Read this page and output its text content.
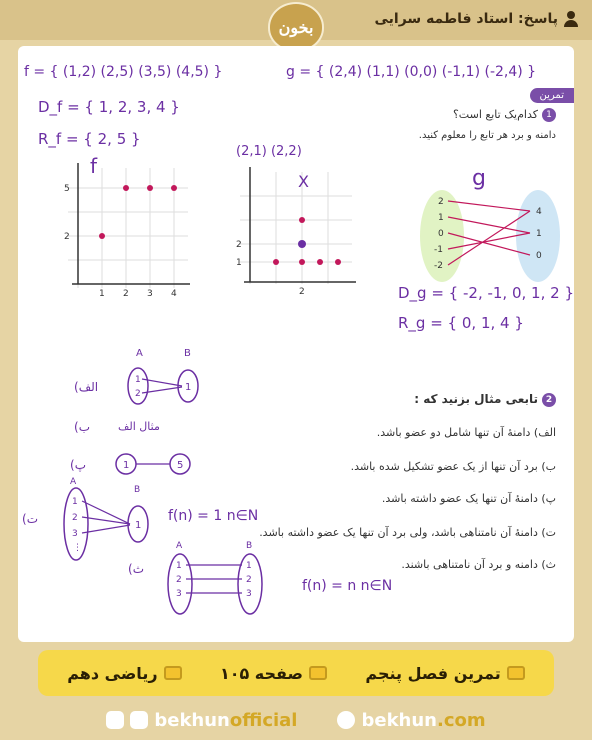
پاسخ: استاد فاطمه سرایی
بخون
تمرین
f = { (1,2) (2,5) (3,5) (4,5) }	g = { (2,4) (1,1) (0,0) (-1,1) (-2,4) }
1کدام‌یک تابع است؟
دامنه و برد هر تابع را معلوم کنید.
D_f = { 1, 2, 3, 4 }
R_f = { 2, 5 }
5
2
1 2 3 4
f
(2,1) (2,2)
2
1
2
X	g
2
1
0
-1
-2
4
1
0
D_g = { -2, -1, 0, 1, 2 }
R_g = { 0, 1, 4 }
2تابعی مثال بزنید که :
الف) دامنهٔ آن تنها شامل دو عضو باشد.
ب) برد آن تنها از یک عضو تشکیل شده باشد.
پ) دامنهٔ آن تنها یک عضو داشته باشد.
ت) دامنهٔ آن نامتناهی باشد، ولی برد آن تنها یک عضو داشته باشد.
ث) دامنه و برد آن نامتناهی باشند.
(الف
A	B
1
2
1
(ب	مثال الف
(پ	1	5
(ت
A
B
1
2
3
⋮
1
f(n) = 1 n∈N
(ث
A	B
1
2
3
1
2
3	f(n) = n n∈N
تمرین فصل پنجم
صفحه ۱۰۵
ریاضی دهم
bekhun official	bekhun .com
